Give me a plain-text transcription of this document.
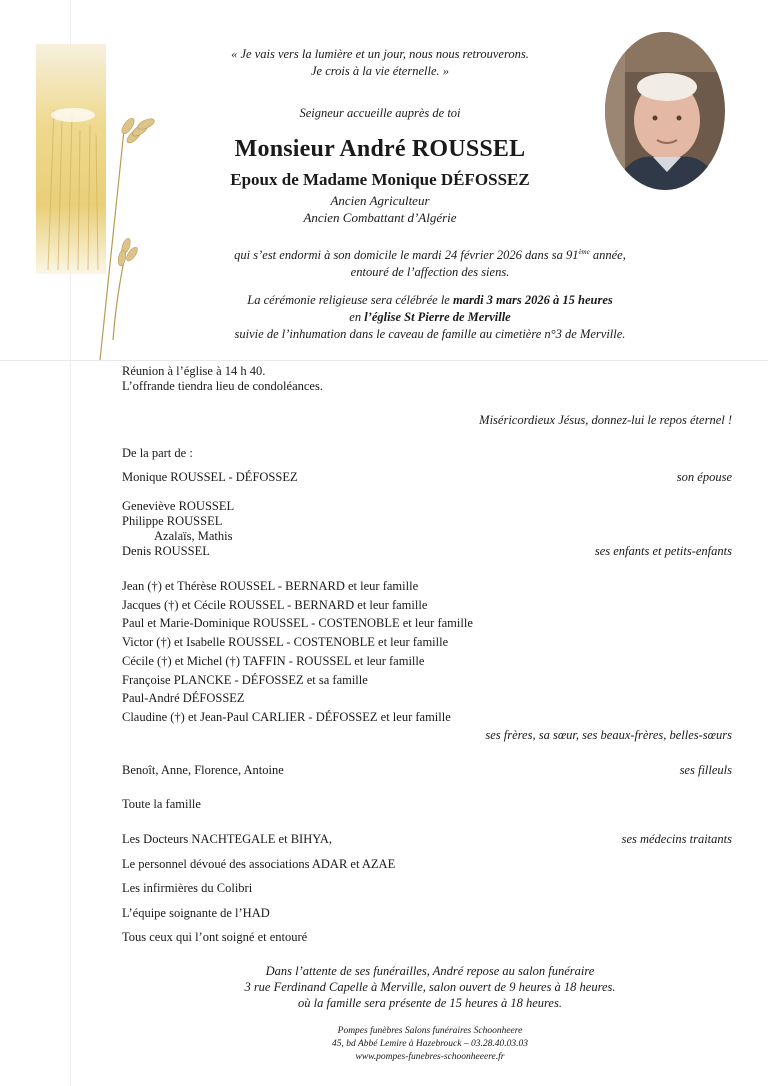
« Je vais vers la lumière et un jour, nous nous retrouverons.
Je crois à la vie éternelle. »
Seigneur accueille auprès de toi
Monsieur André ROUSSEL
Epoux de Madame Monique DÉFOSSEZ
Ancien Agriculteur
Ancien Combattant d’Algérie
qui s’est endormi à son domicile le mardi 24 février 2026 dans sa 91ème année,
entouré de l’affection des siens.
La cérémonie religieuse sera célébrée le mardi 3 mars 2026 à 15 heures
en l’église St Pierre de Merville
suivie de l’inhumation dans le caveau de famille au cimetière n°3 de Merville.
Réunion à l’église à 14 h 40.
L’offrande tiendra lieu de condoléances.
Miséricordieux Jésus, donnez-lui le repos éternel !
De la part de :
Monique ROUSSEL - DÉFOSSEZ	son épouse
Geneviève ROUSSEL
Philippe ROUSSEL
Azalaïs, Mathis
Denis ROUSSEL	ses enfants et petits-enfants
Jean (†) et Thérèse ROUSSEL - BERNARD et leur famille
Jacques (†) et Cécile ROUSSEL - BERNARD et leur famille
Paul et Marie-Dominique ROUSSEL - COSTENOBLE et leur famille
Victor (†) et Isabelle ROUSSEL - COSTENOBLE et leur famille
Cécile (†) et Michel (†) TAFFIN - ROUSSEL et leur famille
Françoise PLANCKE - DÉFOSSEZ et sa famille
Paul-André DÉFOSSEZ
Claudine (†) et Jean-Paul CARLIER - DÉFOSSEZ et leur famille
ses frères, sa sœur, ses beaux-frères, belles-sœurs
Benoît, Anne, Florence, Antoine	ses filleuls
Toute la famille
Les Docteurs NACHTEGALE et BIHYA,	ses médecins traitants
Le personnel dévoué des associations ADAR et AZAE
Les infirmières du Colibri
L’équipe soignante de l’HAD
Tous ceux qui l’ont soigné et entouré
Dans l’attente de ses funérailles, André repose au salon funéraire
3 rue Ferdinand Capelle à Merville, salon ouvert de 9 heures à 18 heures.
où la famille sera présente de 15 heures à 18 heures.
Pompes funèbres Salons funéraires Schoonheere
45, bd Abbé Lemire à Hazebrouck – 03.28.40.03.03
www.pompes-funebres-schoonheeere.fr
